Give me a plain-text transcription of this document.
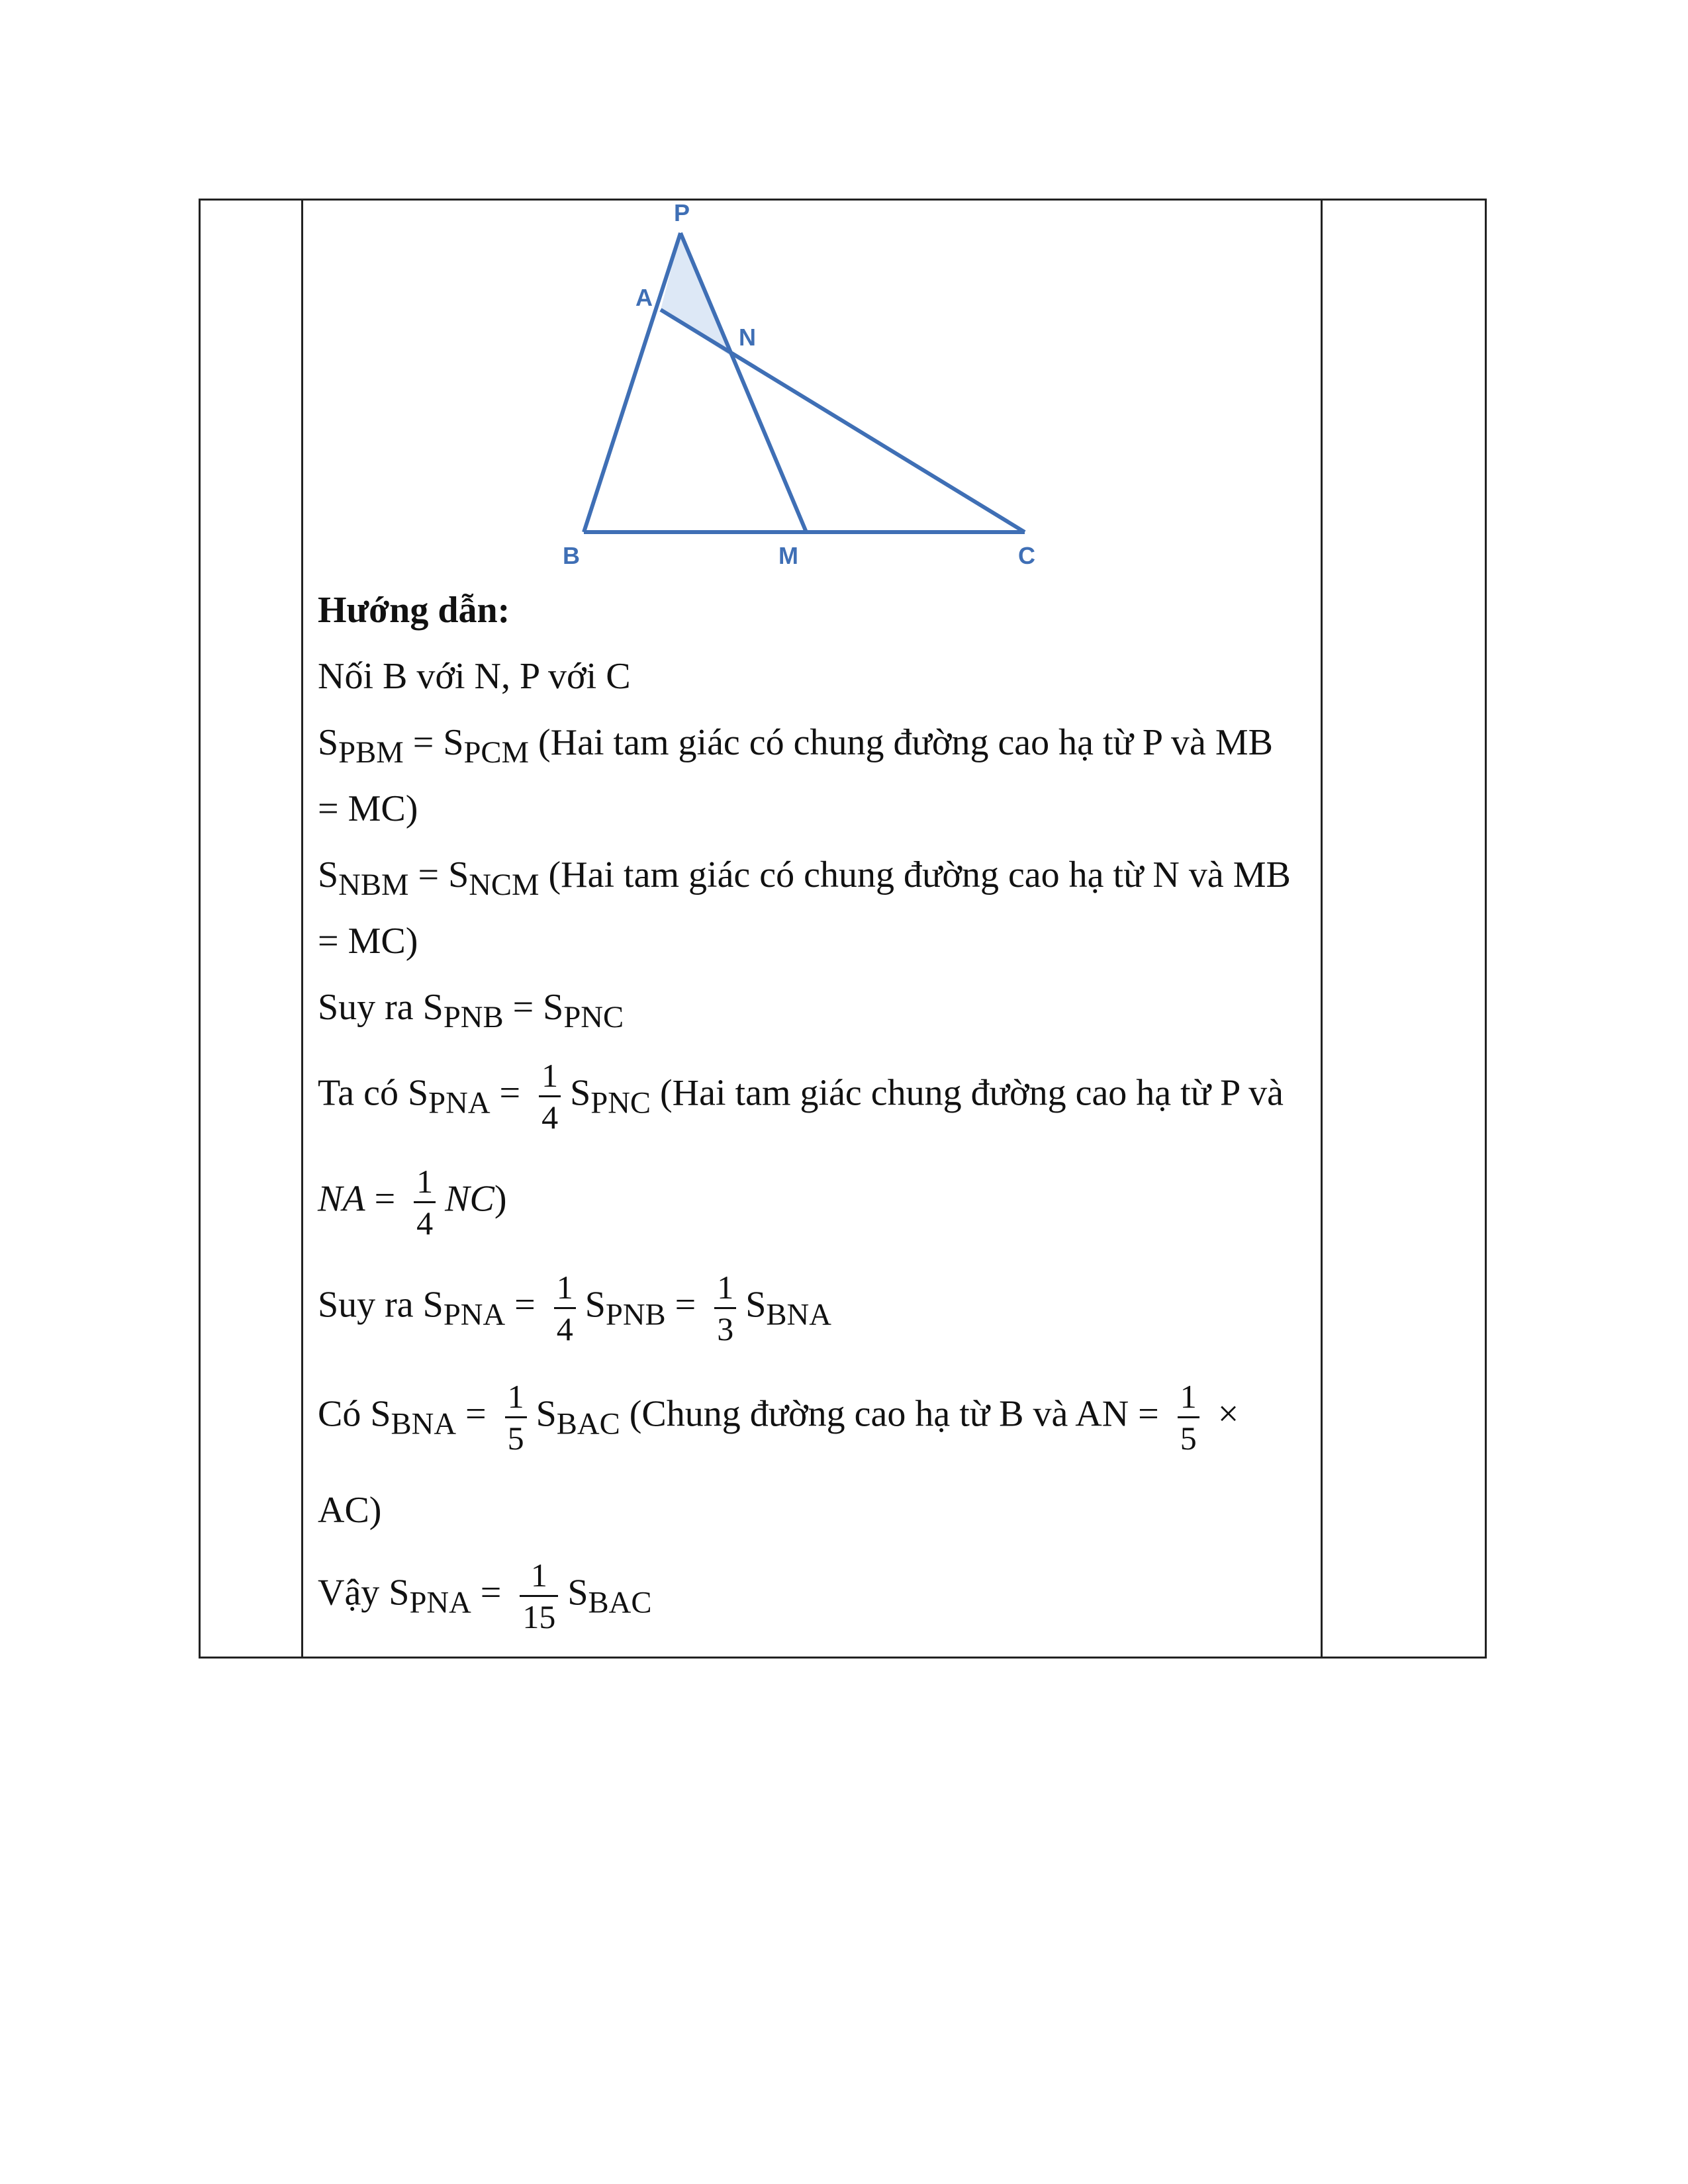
P
A
N
B	M	C
Hướng dẫn:
Nối B với N, P với C
$S_{PBM} = S_{PCM}$ (Hai tam giác có chung đường cao hạ từ P và MB
= MC)
$S_{NBM} = S_{NCM}$ (Hai tam giác có chung đường cao hạ từ N và MB
= MC)
Suy ra $S_{PNB} = S_{PNC}$
Ta có $S_{PNA} = \frac{1}{4} S_{PNC}$ (Hai tam giác chung đường cao hạ từ P và
NA = $\frac{1}{4} NC$)
Suy ra $S_{PNA} = \frac{1}{4} S_{PNB} = \frac{1}{3} S_{BNA}$
Có $S_{BNA} = \frac{1}{5} S_{BAC}$ (Chung đường cao hạ từ B và AN = $\frac{1}{5}$ ×
AC)
Vậy $S_{PNA} = \frac{1}{15} S_{BAC}$
